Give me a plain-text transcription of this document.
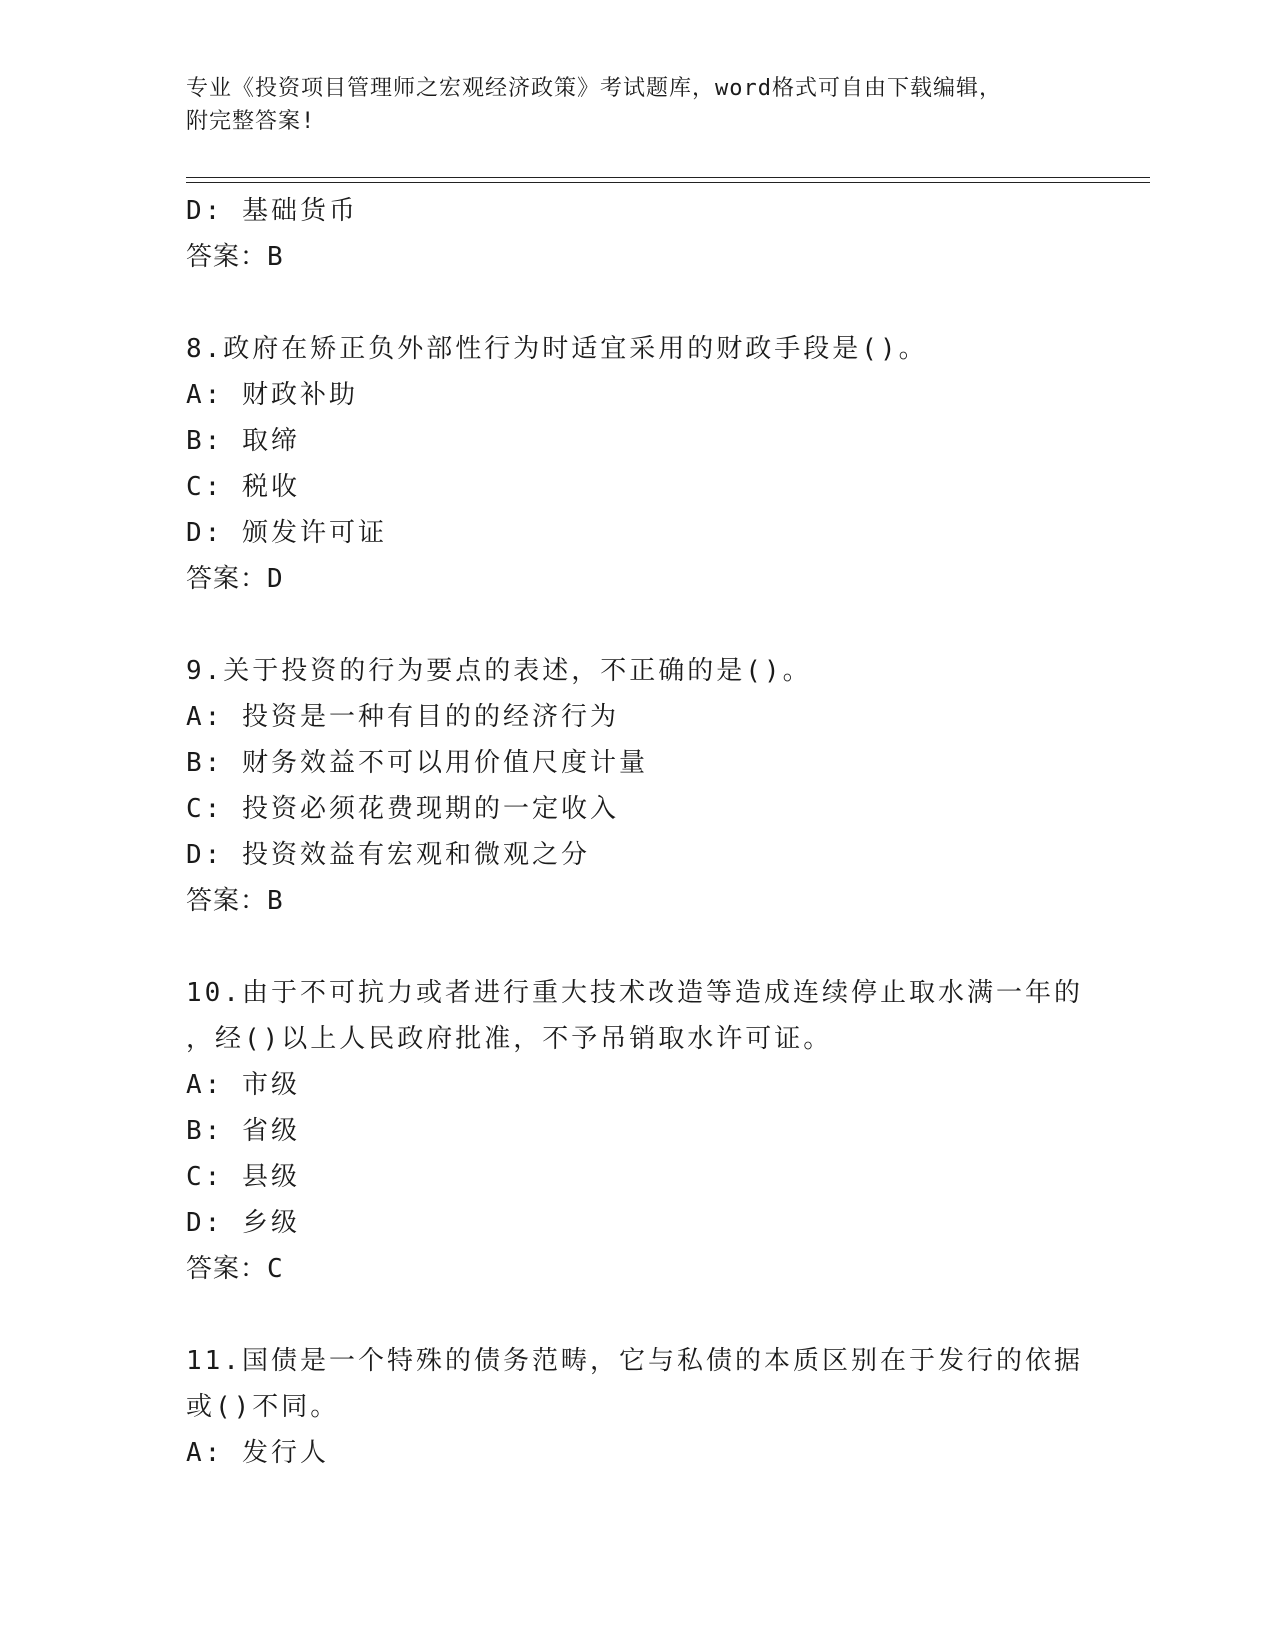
专业《投资项目管理师之宏观经济政策》考试题库，word格式可自由下载编辑，
附完整答案!
D: 基础货币
答案：B
8.政府在矫正负外部性行为时适宜采用的财政手段是()。
A: 财政补助
B: 取缔
C: 税收
D: 颁发许可证
答案：D
9.关于投资的行为要点的表述，不正确的是()。
A: 投资是一种有目的的经济行为
B: 财务效益不可以用价值尺度计量
C: 投资必须花费现期的一定收入
D: 投资效益有宏观和微观之分
答案：B
10.由于不可抗力或者进行重大技术改造等造成连续停止取水满一年的
，经()以上人民政府批准，不予吊销取水许可证。
A: 市级
B: 省级
C: 县级
D: 乡级
答案：C
11.国债是一个特殊的债务范畴，它与私债的本质区别在于发行的依据
或()不同。
A: 发行人
